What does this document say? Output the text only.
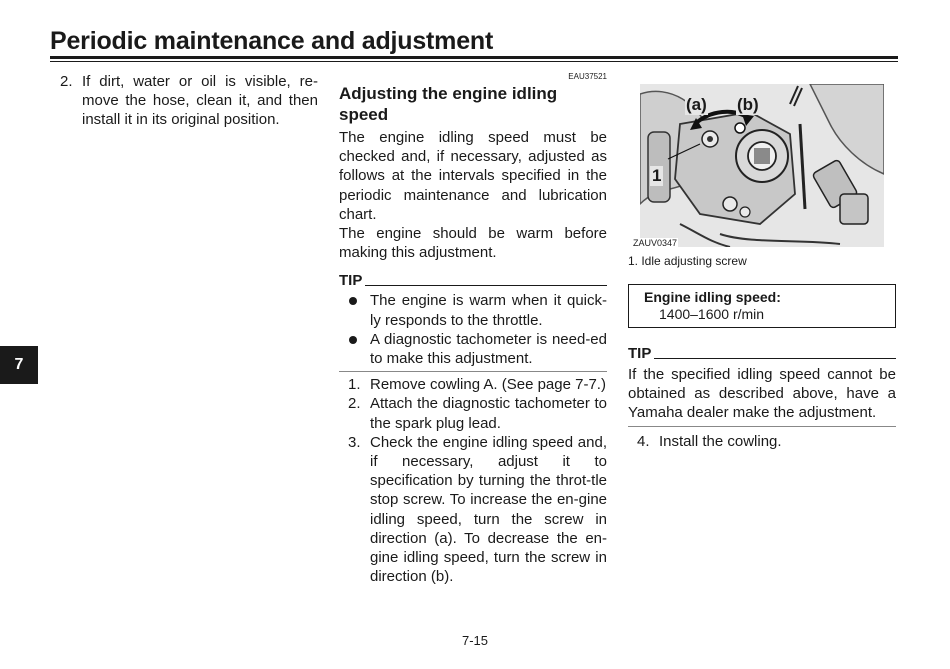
Periodic maintenance and adjustment
7
2. If dirt, water or oil is visible, re-move the hose, clean it, and then install it in its original position.
EAU37521
Adjusting the engine idling speed
The engine idling speed must be checked and, if necessary, adjusted as follows at the intervals specified in the periodic maintenance and lubrication chart.
The engine should be warm before making this adjustment.
TIP
The engine is warm when it quick-ly responds to the throttle.
A diagnostic tachometer is need-ed to make this adjustment.
1. Remove cowling A. (See page 7-7.)
2. Attach the diagnostic tachometer to the spark plug lead.
3. Check the engine idling speed and, if necessary, adjust it to specification by turning the throt-tle stop screw. To increase the en-gine idling speed, turn the screw in direction (a). To decrease the en-gine idling speed, turn the screw in direction (b).
ZAUV0347
(a) (b)
1
1. Idle adjusting screw
Engine idling speed:
1400–1600 r/min
TIP
If the specified idling speed cannot be obtained as described above, have a Yamaha dealer make the adjustment.
4. Install the cowling.
7-15
